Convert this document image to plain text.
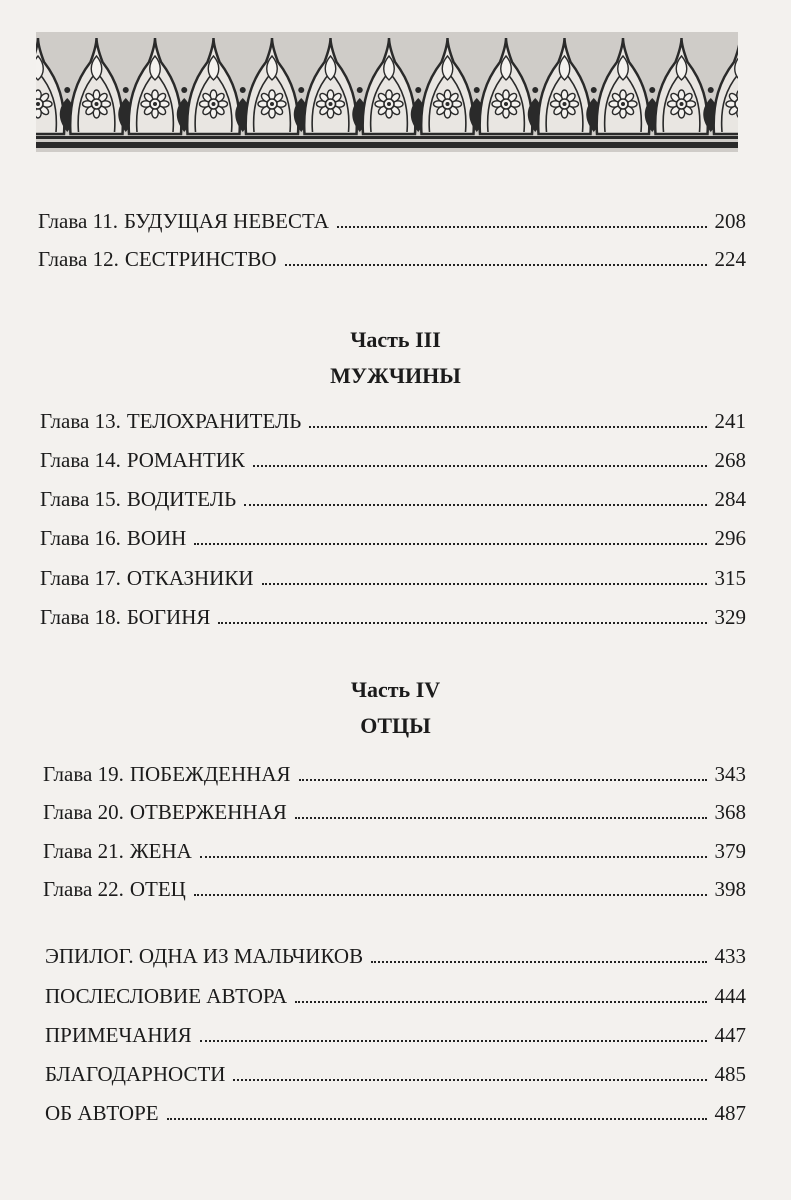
Глава 11. БУДУЩАЯ НЕВЕСТА	208
Глава 12. СЕСТРИНСТВО	224
Часть III
МУЖЧИНЫ
Глава 13. ТЕЛОХРАНИТЕЛЬ	241
Глава 14. РОМАНТИК	268
Глава 15. ВОДИТЕЛЬ	284
Глава 16. ВОИН	296
Глава 17. ОТКАЗНИКИ	315
Глава 18. БОГИНЯ	329
Часть IV
ОТЦЫ
Глава 19. ПОБЕЖДЕННАЯ	343
Глава 20. ОТВЕРЖЕННАЯ	368
Глава 21. ЖЕНА	379
Глава 22. ОТЕЦ	398
ЭПИЛОГ. ОДНА ИЗ МАЛЬЧИКОВ	433
ПОСЛЕСЛОВИЕ АВТОРА	444
ПРИМЕЧАНИЯ	447
БЛАГОДАРНОСТИ	485
ОБ АВТОРЕ	487
